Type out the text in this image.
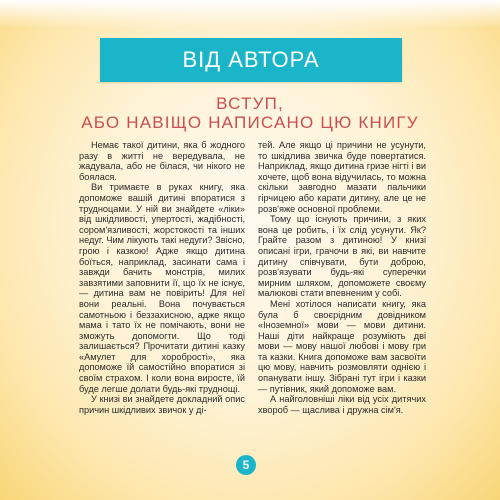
ВІД АВТОРА
ВСТУП,
АБО НАВІЩО НАПИСАНО ЦЮ КНИГУ

Немає такої дитини, яка б жодного разу в житті не вередувала, не жадувала, або не білася, чи нікого не боялася.

Ви тримаєте в руках книгу, яка допоможе вашій дитині впоратися з трудноцами. У ній ви знайдете «ліки» від шкідливості, упертості, жадібності, сором'язливості, жорстокості та інших недуг. Чим лікують такі недуги? Звісно, грою і казкою! Адже якщо дитина боїться, наприклад, засинати сама і завжди бачить монстрів, милих завзятими заповнити її, що їх не існує, — дитина вам не повірить! Для неї вони реальні. Вона почувається самотньою і беззахисною, адже якщо мама і тато їх не помічають, вони не зможуть допомогти. Що тоді залишається? Прочитати дитині казку «Амулет для хоробрості», яка допоможе їй самостійно впоратися зі своїм страхом. І коли вона виросте, їй буде легше долати будь-які труднощі.

У книзі ви знайдете докладний опис причин шкідливих звичок у ді-

тей. Але якщо ці причини не усунути, то шкідлива звичка буде повертатися. Наприклад, якщо дитина гризе нігті і ви хочете, щоб вона відучилась, то можна скільки завгодно мазати пальчики гірчицею або карати дитину, але це не розв'яже основної проблеми.

Тому що існують причини, з яких вона це робить, і їх слід усунути. Як? Грайте разом з дитиною! У книзі описані ігри, грачочи в які, ви навчите дитину співчувати, бути доброю, розв'язувати будь-які суперечки мирним шляхом, допоможете своєму малюкові стати впевненим у собі.

Мені хотілося написати книгу, яка була б своєрідним довідником «Іноземної» мови — мови дитини. Наші діти найкраще розуміють дві мови — мову нашої любові і мову гри та казки. Книга допоможе вам засвоїти цю мову, навчить розмовляти однією і опанувати іншу. Зібрані тут ігри і казки — путівник, який допоможе вам.

А найголовніші ліки від усіх дитячих хвороб — щаслива і дружна сім'я.

5
